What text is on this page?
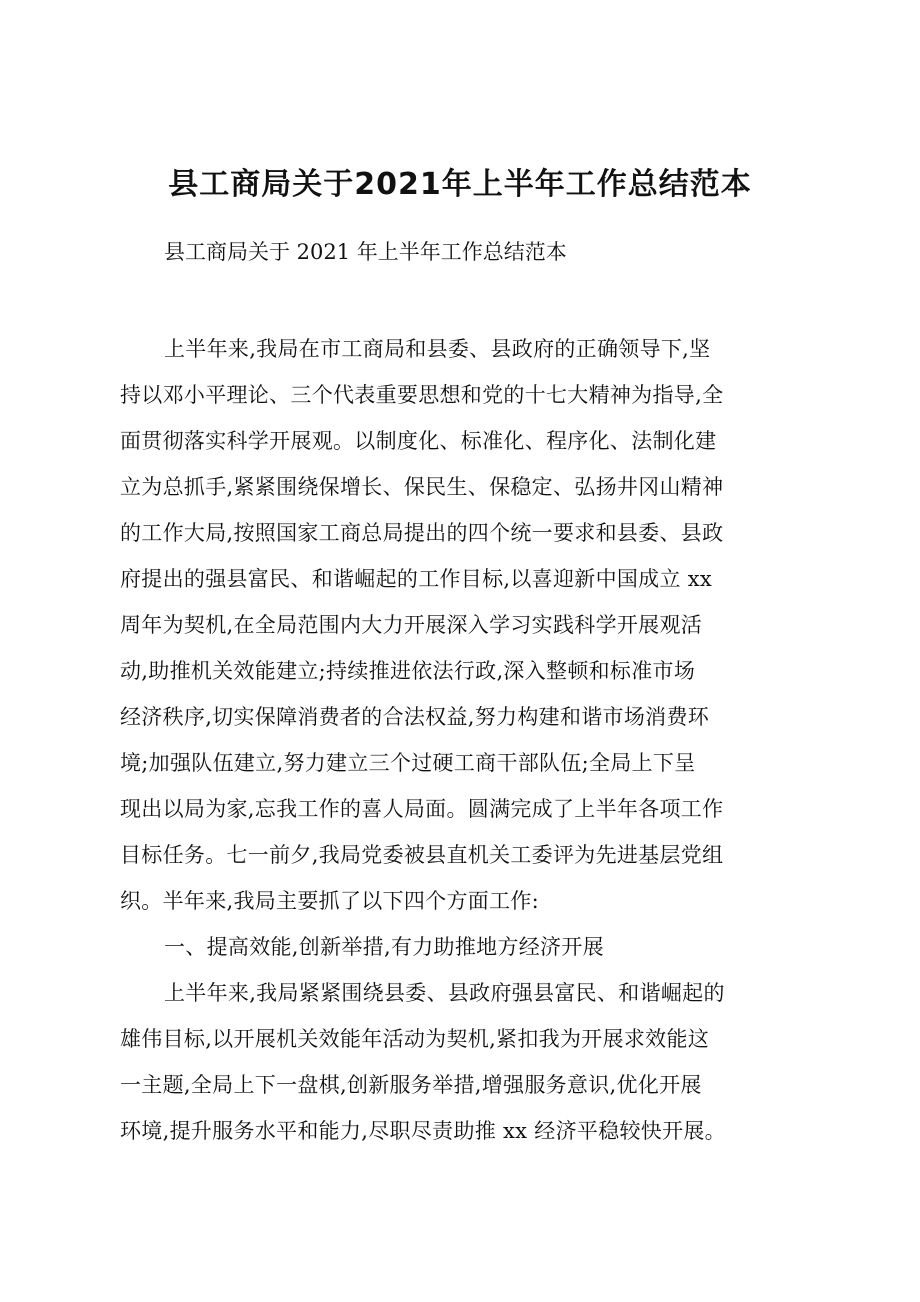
县工商局关于2021年上半年工作总结范本
县工商局关于 2021 年上半年工作总结范本
上半年来,我局在市工商局和县委、县政府的正确领导下,坚
持以邓小平理论、三个代表重要思想和党的十七大精神为指导,全
面贯彻落实科学开展观。以制度化、标准化、程序化、法制化建
立为总抓手,紧紧围绕保增长、保民生、保稳定、弘扬井冈山精神
的工作大局,按照国家工商总局提出的四个统一要求和县委、县政
府提出的强县富民、和谐崛起的工作目标,以喜迎新中国成立 xx
周年为契机,在全局范围内大力开展深入学习实践科学开展观活
动,助推机关效能建立;持续推进依法行政,深入整顿和标准市场
经济秩序,切实保障消费者的合法权益,努力构建和谐市场消费环
境;加强队伍建立,努力建立三个过硬工商干部队伍;全局上下呈
现出以局为家,忘我工作的喜人局面。圆满完成了上半年各项工作
目标任务。七一前夕,我局党委被县直机关工委评为先进基层党组
织。半年来,我局主要抓了以下四个方面工作:
一、提高效能,创新举措,有力助推地方经济开展
上半年来,我局紧紧围绕县委、县政府强县富民、和谐崛起的
雄伟目标,以开展机关效能年活动为契机,紧扣我为开展求效能这
一主题,全局上下一盘棋,创新服务举措,增强服务意识,优化开展
环境,提升服务水平和能力,尽职尽责助推 xx 经济平稳较快开展。
